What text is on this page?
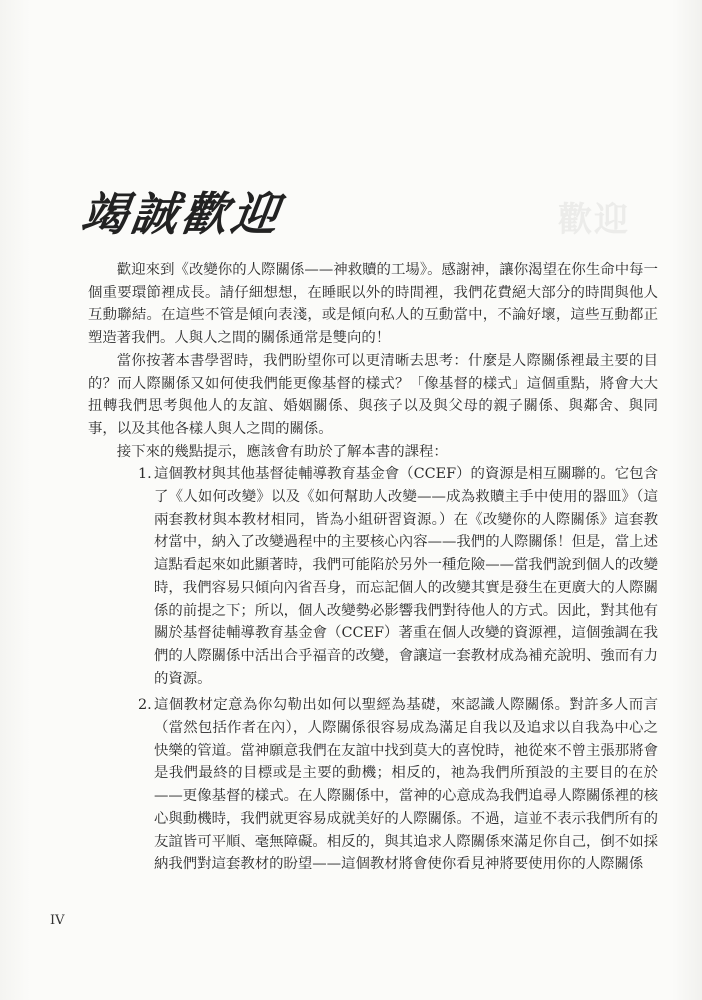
歡迎
竭誠歡迎

歡迎來到《改變你的人際關係——神救贖的工場》。感謝神，讓你渴望在你生命中每一個重要環節裡成長。請仔細想想，在睡眠以外的時間裡，我們花費絕大部分的時間與他人互動聯結。在這些不管是傾向表淺，或是傾向私人的互動當中，不論好壞，這些互動都正塑造著我們。人與人之間的關係通常是雙向的！

當你按著本書學習時，我們盼望你可以更清晰去思考：什麼是人際關係裡最主要的目的？而人際關係又如何使我們能更像基督的樣式？「像基督的樣式」這個重點，將會大大扭轉我們思考與他人的友誼、婚姻關係、與孩子以及與父母的親子關係、與鄰舍、與同事，以及其他各樣人與人之間的關係。

接下來的幾點提示，應該會有助於了解本書的課程：

1. 這個教材與其他基督徒輔導教育基金會（CCEF）的資源是相互關聯的。它包含了《人如何改變》以及《如何幫助人改變——成為救贖主手中使用的器皿》（這兩套教材與本教材相同，皆為小組研習資源。）在《改變你的人際關係》這套教材當中，納入了改變過程中的主要核心內容——我們的人際關係！但是，當上述這點看起來如此顯著時，我們可能陷於另外一種危險——當我們說到個人的改變時，我們容易只傾向內省吾身，而忘記個人的改變其實是發生在更廣大的人際關係的前提之下；所以，個人改變勢必影響我們對待他人的方式。因此，對其他有關於基督徒輔導教育基金會（CCEF）著重在個人改變的資源裡，這個強調在我們的人際關係中活出合乎福音的改變，會讓這一套教材成為補充說明、強而有力的資源。
2. 這個教材定意為你勾勒出如何以聖經為基礎，來認識人際關係。對許多人而言（當然包括作者在內），人際關係很容易成為滿足自我以及追求以自我為中心之快樂的管道。當神願意我們在友誼中找到莫大的喜悅時，祂從來不曾主張那將會是我們最終的目標或是主要的動機；相反的，祂為我們所預設的主要目的在於——更像基督的樣式。在人際關係中，當神的心意成為我們追尋人際關係裡的核心與動機時，我們就更容易成就美好的人際關係。不過，這並不表示我們所有的友誼皆可平順、毫無障礙。相反的，與其追求人際關係來滿足你自己，倒不如採納我們對這套教材的盼望——這個教材將會使你看見神將要使用你的人際關係
IV
